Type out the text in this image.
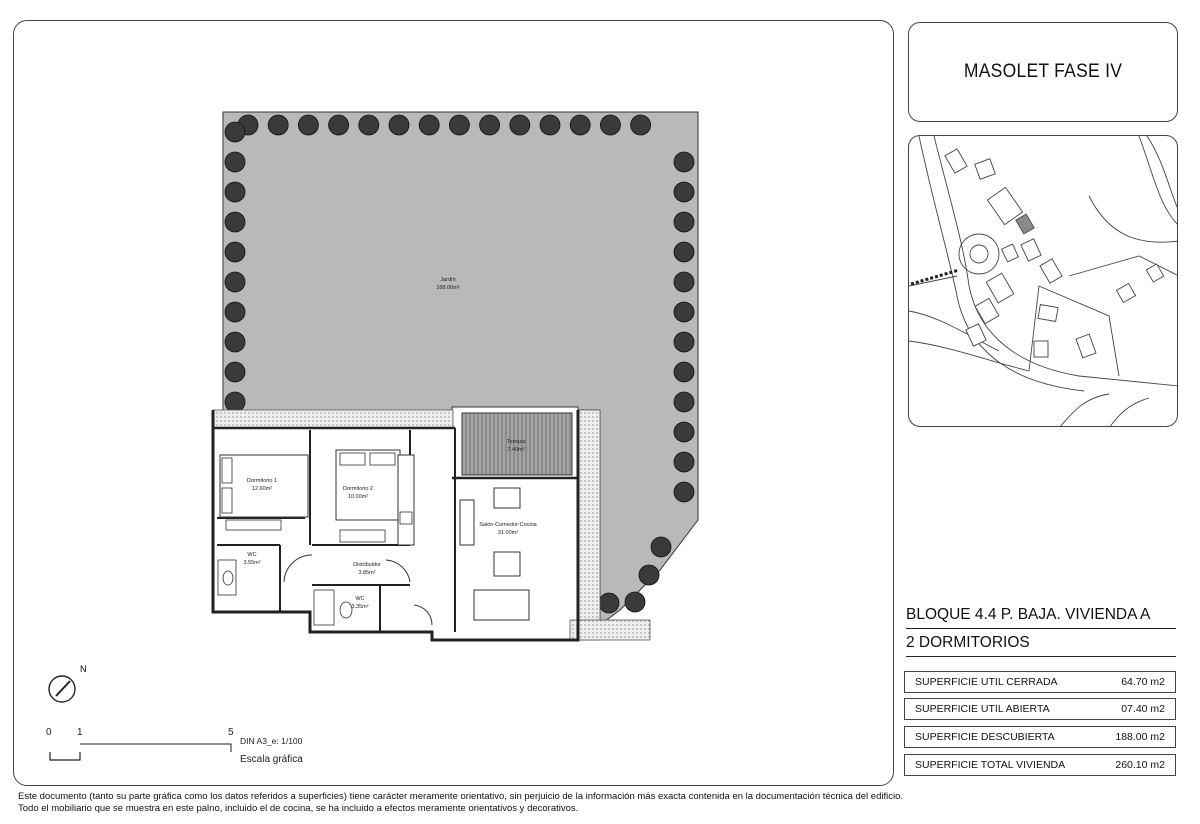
Jardín
188.00m²
Terraza
7.40m²
Dormitorio 1
12.60m²	Dormitorio 2
10.00m²
Salón-Comedor-Cocina
31.00m²
WC
3.55m²	Distribuidor
3.85m²
WC
3.35m²
N
0	1	5
DIN A3_e: 1/100
Escala gráfica
MASOLET FASE IV
BLOQUE 4.4 P. BAJA. VIVIENDA A
2 DORMITORIOS
SUPERFICIE UTIL CERRADA	64.70 m2
SUPERFICIE UTIL ABIERTA	07.40 m2
SUPERFICIE DESCUBIERTA	188.00 m2
SUPERFICIE TOTAL VIVIENDA	260.10 m2
Este documento (tanto su parte gráfica como los datos referidos a superficies) tiene carácter meramente orientativo, sin perjuicio de la información más exacta contenida en la documentación técnica del edificio.
Todo el mobiliario que se muestra en este palno, incluido el de cocina, se ha incluido a efectos meramente orientativos y decorativos.
